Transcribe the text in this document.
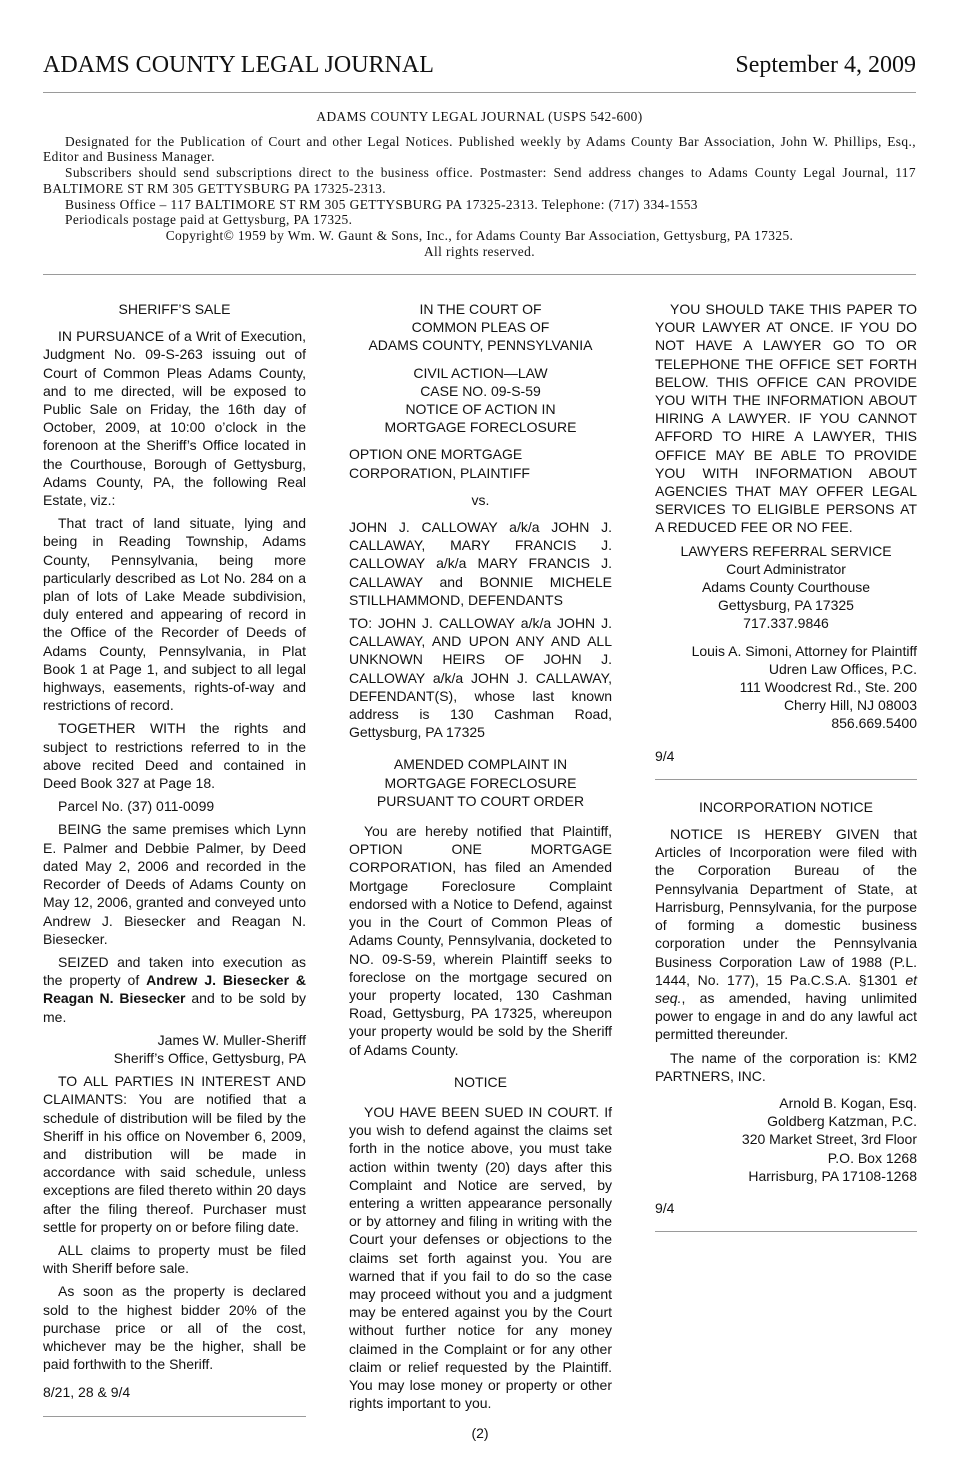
ADAMS COUNTY LEGAL JOURNAL	September 4, 2009
ADAMS COUNTY LEGAL JOURNAL (USPS 542-600)
Designated for the Publication of Court and other Legal Notices. Published weekly by Adams County Bar Association, John W. Phillips, Esq., Editor and Business Manager.
Subscribers should send subscriptions direct to the business office. Postmaster: Send address changes to Adams County Legal Journal, 117 BALTIMORE ST RM 305 GETTYSBURG PA 17325-2313.
Business Office – 117 BALTIMORE ST RM 305 GETTYSBURG PA 17325-2313. Telephone: (717) 334-1553
Periodicals postage paid at Gettysburg, PA 17325.
Copyright© 1959 by Wm. W. Gaunt & Sons, Inc., for Adams County Bar Association, Gettysburg, PA 17325.
All rights reserved.

SHERIFF’S SALE

IN PURSUANCE of a Writ of Execution, Judgment No. 09-S-263 issuing out of Court of Common Pleas Adams County, and to me directed, will be exposed to Public Sale on Friday, the 16th day of October, 2009, at 10:00 o’clock in the forenoon at the Sheriff’s Office located in the Courthouse, Borough of Gettysburg, Adams County, PA, the following Real Estate, viz.:

That tract of land situate, lying and being in Reading Township, Adams County, Pennsylvania, being more particularly described as Lot No. 284 on a plan of lots of Lake Meade subdivision, duly entered and appearing of record in the Office of the Recorder of Deeds of Adams County, Pennsylvania, in Plat Book 1 at Page 1, and subject to all legal highways, easements, rights-of-way and restrictions of record.

TOGETHER WITH the rights and subject to restrictions referred to in the above recited Deed and contained in Deed Book 327 at Page 18.

Parcel No. (37) 011-0099

BEING the same premises which Lynn E. Palmer and Debbie Palmer, by Deed dated May 2, 2006 and recorded in the Recorder of Deeds of Adams County on May 12, 2006, granted and conveyed unto Andrew J. Biesecker and Reagan N. Biesecker.

SEIZED and taken into execution as the property of Andrew J. Biesecker & Reagan N. Biesecker and to be sold by me.

James W. Muller-Sheriff
Sheriff’s Office, Gettysburg, PA

TO ALL PARTIES IN INTEREST AND CLAIMANTS: You are notified that a schedule of distribution will be filed by the Sheriff in his office on November 6, 2009, and distribution will be made in accordance with said schedule, unless exceptions are filed thereto within 20 days after the filing thereof. Purchaser must settle for property on or before filing date.

ALL claims to property must be filed with Sheriff before sale.

As soon as the property is declared sold to the highest bidder 20% of the purchase price or all of the cost, whichever may be the higher, shall be paid forthwith to the Sheriff.

8/21, 28 & 9/4

IN THE COURT OF
COMMON PLEAS OF
ADAMS COUNTY, PENNSYLVANIA
CIVIL ACTION—LAW
CASE NO. 09-S-59
NOTICE OF ACTION IN
MORTGAGE FORECLOSURE

OPTION ONE MORTGAGE CORPORATION, PLAINTIFF

vs.

JOHN J. CALLOWAY a/k/a JOHN J. CALLAWAY, MARY FRANCIS J. CALLOWAY a/k/a MARY FRANCIS J. CALLAWAY and BONNIE MICHELE STILLHAMMOND, DEFENDANTS

TO: JOHN J. CALLOWAY a/k/a JOHN J. CALLAWAY, AND UPON ANY AND ALL UNKNOWN HEIRS OF JOHN J. CALLOWAY a/k/a JOHN J. CALLAWAY, DEFENDANT(S), whose last known address is 130 Cashman Road, Gettysburg, PA 17325

AMENDED COMPLAINT IN
MORTGAGE FORECLOSURE
PURSUANT TO COURT ORDER

You are hereby notified that Plaintiff, OPTION ONE MORTGAGE CORPORATION, has filed an Amended Mortgage Foreclosure Complaint endorsed with a Notice to Defend, against you in the Court of Common Pleas of Adams County, Pennsylvania, docketed to NO. 09-S-59, wherein Plaintiff seeks to foreclose on the mortgage secured on your property located, 130 Cashman Road, Gettysburg, PA 17325, whereupon your property would be sold by the Sheriff of Adams County.

NOTICE

YOU HAVE BEEN SUED IN COURT. If you wish to defend against the claims set forth in the notice above, you must take action within twenty (20) days after this Complaint and Notice are served, by entering a written appearance personally or by attorney and filing in writing with the Court your defenses or objections to the claims set forth against you. You are warned that if you fail to do so the case may proceed without you and a judgment may be entered against you by the Court without further notice for any money claimed in the Complaint or for any other claim or relief requested by the Plaintiff. You may lose money or property or other rights important to you.

YOU SHOULD TAKE THIS PAPER TO YOUR LAWYER AT ONCE. IF YOU DO NOT HAVE A LAWYER GO TO OR TELEPHONE THE OFFICE SET FORTH BELOW. THIS OFFICE CAN PROVIDE YOU WITH THE INFORMATION ABOUT HIRING A LAWYER. IF YOU CANNOT AFFORD TO HIRE A LAWYER, THIS OFFICE MAY BE ABLE TO PROVIDE YOU WITH INFORMATION ABOUT AGENCIES THAT MAY OFFER LEGAL SERVICES TO ELIGIBLE PERSONS AT A REDUCED FEE OR NO FEE.

LAWYERS REFERRAL SERVICE
Court Administrator
Adams County Courthouse
Gettysburg, PA 17325
717.337.9846
Louis A. Simoni, Attorney for Plaintiff
Udren Law Offices, P.C.
111 Woodcrest Rd., Ste. 200
Cherry Hill, NJ 08003
856.669.5400

9/4

INCORPORATION NOTICE

NOTICE IS HEREBY GIVEN that Articles of Incorporation were filed with the Corporation Bureau of the Pennsylvania Department of State, at Harrisburg, Pennsylvania, for the purpose of forming a domestic business corporation under the Pennsylvania Business Corporation Law of 1988 (P.L. 1444, No. 177), 15 Pa.C.S.A. §1301 et seq., as amended, having unlimited power to engage in and do any lawful act permitted thereunder.

The name of the corporation is: KM2 PARTNERS, INC.

Arnold B. Kogan, Esq.
Goldberg Katzman, P.C.
320 Market Street, 3rd Floor
P.O. Box 1268
Harrisburg, PA 17108-1268

9/4

(2)
